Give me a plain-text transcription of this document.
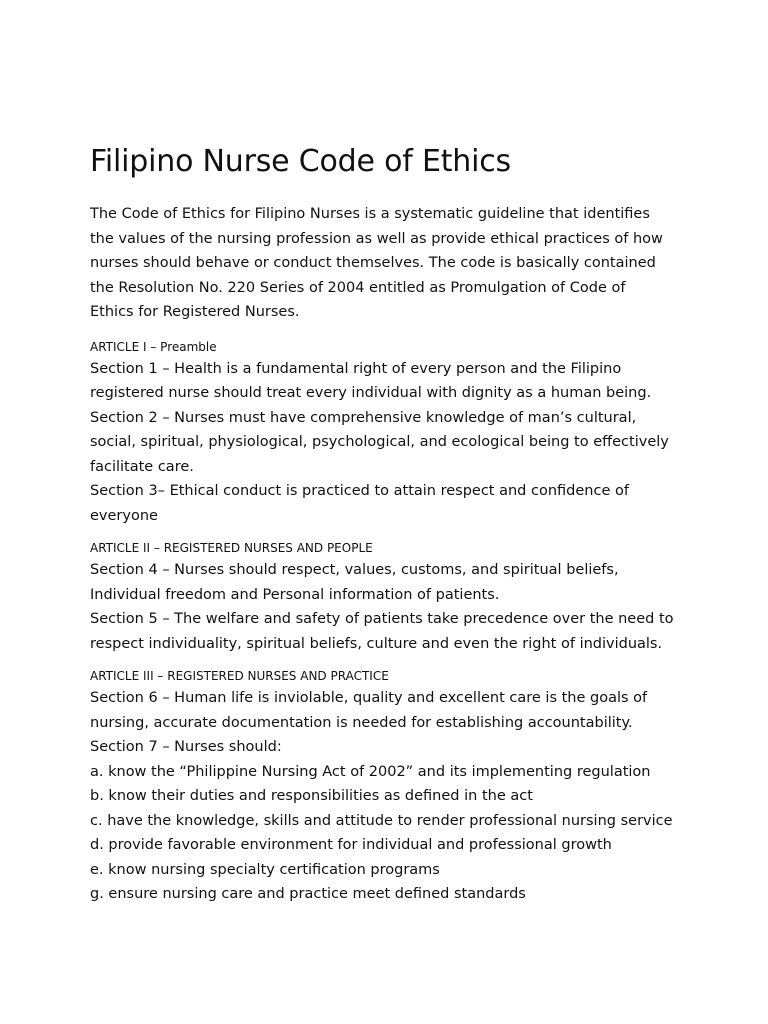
Filipino Nurse Code of Ethics

The Code of Ethics for Filipino Nurses is a systematic guideline that identifies

the values of the nursing profession as well as provide ethical practices of how

nurses should behave or conduct themselves. The code is basically contained

the Resolution No. 220 Series of 2004 entitled as Promulgation of Code of

Ethics for Registered Nurses.

ARTICLE I – Preamble

Section 1 – Health is a fundamental right of every person and the Filipino

registered nurse should treat every individual with dignity as a human being.

Section 2 – Nurses must have comprehensive knowledge of man’s cultural,

social, spiritual, physiological, psychological, and ecological being to effectively

facilitate care.

Section 3– Ethical conduct is practiced to attain respect and confidence of

everyone

ARTICLE II – REGISTERED NURSES AND PEOPLE

Section 4 – Nurses should respect, values, customs, and spiritual beliefs,

Individual freedom and Personal information of patients.

Section 5 – The welfare and safety of patients take precedence over the need to

respect individuality, spiritual beliefs, culture and even the right of individuals.

ARTICLE III – REGISTERED NURSES AND PRACTICE

Section 6 – Human life is inviolable, quality and excellent care is the goals of

nursing, accurate documentation is needed for establishing accountability.

Section 7 – Nurses should:

a. know the “Philippine Nursing Act of 2002” and its implementing regulation

b. know their duties and responsibilities as defined in the act

c. have the knowledge, skills and attitude to render professional nursing service

d. provide favorable environment for individual and professional growth

e. know nursing specialty certification programs

g. ensure nursing care and practice meet defined standards
